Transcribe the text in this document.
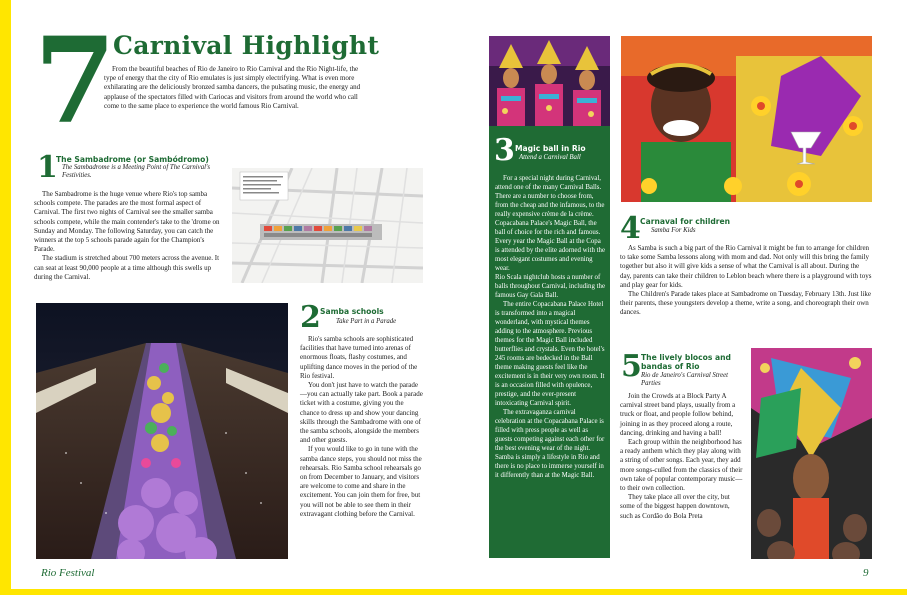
7
Carnival Highlight

From the beautiful beaches of Rio de Janeiro to Rio Carnival and the Rio Night-life, the type of energy that the city of Rio emulates is just simply electrifying. What is even more exhilarating are the deliciously bronzed samba dancers, the pulsating music, the energy and applause of the spectators filled with Cariocas and visitors from around the world who call come to the same place to experience the world famous Rio Carnival.

1
The Sambadrome (or Sambódromo)
The Sambadrome is a Meeting Point of The Carnival's Festivities.

The Sambadrome is the huge venue where Rio's top samba schools compete. The parades are the most formal aspect of Carnival. The first two nights of Carnival see the smaller samba schools compete, while the main contender's take to the 'drome on Sunday and Monday. The following Saturday, you can catch the winners at the top 5 schools parade again for the Champion's Parade.

The stadium is stretched about 700 meters across the avenue. It can seat at least 90,000 people at a time although this swells up during the Carnival.

2 Samba schools
Take Part in a Parade

Rio's samba schools are sophisticated facilities that have turned into arenas of enormous floats, flashy costumes, and uplifting dance moves in the period of the Rio festival.

You don't just have to watch the parade—you can actually take part. Book a parade ticket with a costume, giving you the chance to dress up and show your dancing skills through the Sambadrome with one of the samba schools, alongside the members and other guests.

If you would like to go in tune with the samba dance steps, you should not miss the rehearsals. Rio Samba school rehearsals go on from December to January, and visitors are welcome to come and share in the excitement. You can join them for free, but you will not be able to see them in their extravagant clothing before the Carnival.

3 Magic ball in Rio
Attend a Carnival Ball

For a special night during Carnival, attend one of the many Carnival Balls. There are a number to choose from, from the cheap and the infamous, to the really expensive crème de la crème.

• Copacabana Palace's Magic Ball, the ball of choice for the rich and famous. Every year the Magic Ball at the Copa is attended by the elite adorned with the most elegant costumes and evening wear.
• Rio Scala nightclub hosts a number of balls throughout Carnival, including the famous Gay Gala Ball.

The entire Copacabana Palace Hotel is transformed into a magical wonderland, with mystical themes adding to the atmosphere. Previous themes for the Magic Ball included butterflies and crystals. Even the hotel's 245 rooms are bedecked in the Ball theme making guests feel like the excitement is in their very own room. It is an occasion filled with opulence, prestige, and the ever-present intoxicating Carnival spirit.

The extravaganza carnival celebration at the Copacabana Palace is filled with press people as well as guests competing against each other for the best evening wear of the night. Samba is simply a lifestyle in Rio and there is no place to immerse yourself in it differently than at the Magic Ball.

4 Carnaval for children
Samba For Kids

As Samba is such a big part of the Rio Carnival it might be fun to arrange for children to take some Samba lessons along with mom and dad. Not only will this bring the family together but also it will give kids a sense of what the Carnival is all about. During the day, parents can take their children to Leblon beach where there is a playground with toys and play gear for kids.

The Children's Parade takes place at Sambadrome on Tuesday, February 13th. Just like their parents, these youngsters develop a theme, write a song, and choreograph their own dances.

5 The lively blocos and bandas of Rio
Rio de Janeiro's Carnival Street Parties

Join the Crowds at a Block Party A carnival street band plays, usually from a truck or float, and people follow behind, joining in as they proceed along a route, dancing, drinking and having a ball!

Each group within the neighborhood has a ready anthem which they play along with a string of other songs. Each year, they add more songs-culled from the classics of their own take of popular contemporary music—to their own collection.

They take place all over the city, but some of the biggest happen downtown, such as Cordão do Bola Preta

Rio Festival	9
